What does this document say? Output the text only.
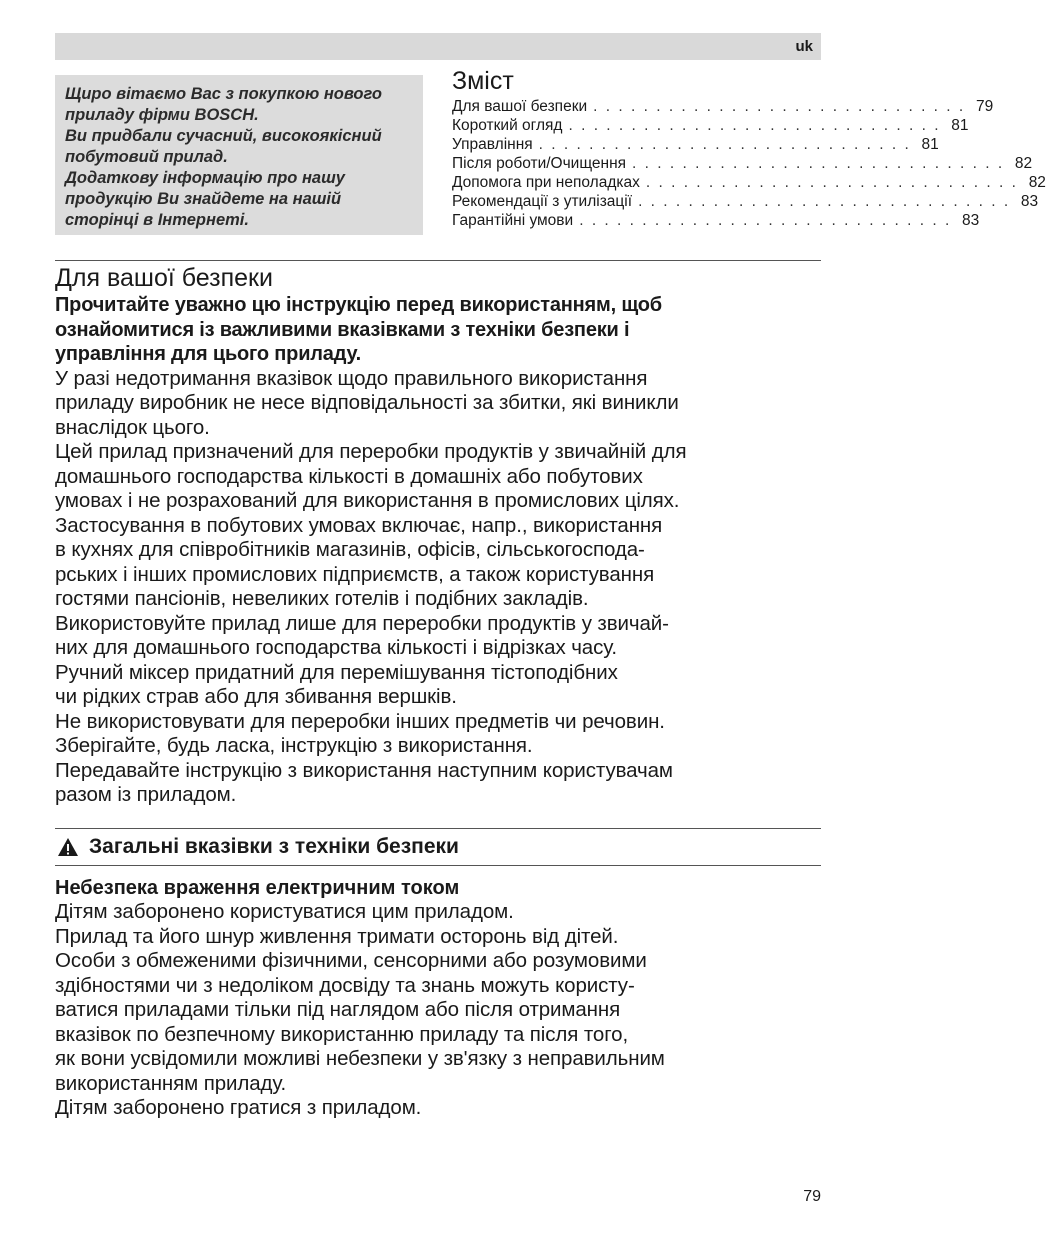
uk

Щиро вітаємо Вас з покупкою нового

приладу фірми BOSCH.

Ви придбали сучасний, високоякісний

побутовий прилад.

Додаткову інформацію про нашу

продукцію Ви знайдете на нашій

сторінці в Інтернеті.

Зміст
Для вашої безпеки . . . . . . . . . . . . . . . . . . . . . . . . . . . . . . 79
Короткий огляд . . . . . . . . . . . . . . . . . . . . . . . . . . . . . . 81
Управління . . . . . . . . . . . . . . . . . . . . . . . . . . . . . . 81
Після роботи/Очищення . . . . . . . . . . . . . . . . . . . . . . . . . . . . . . 82
Допомога при неполадках . . . . . . . . . . . . . . . . . . . . . . . . . . . . . . 82
Рекомендації з утилізації . . . . . . . . . . . . . . . . . . . . . . . . . . . . . . 83
Гарантійні умови . . . . . . . . . . . . . . . . . . . . . . . . . . . . . . 83
Для вашої безпеки

Прочитайте уважно цю інструкцію перед використанням, щоб

ознайомитися із важливими вказівками з техніки безпеки і

управління для цього приладу.

У разі недотримання вказівок щодо правильного використання

приладу виробник не несе відповідальності за збитки, які виникли

внаслідок цього.

Цей прилад призначений для переробки продуктів у звичайній для

домашнього господарства кількості в домашніх або побутових

умовах і не розрахований для використання в промислових цілях.

Застосування в побутових умовах включає, напр., використання

в кухнях для співробітників магазинів, офісів, сільськогоспода-

рських і інших промислових підприємств, а також користування

гостями пансіонів, невеликих готелів і подібних закладів.

Використовуйте прилад лише для переробки продуктів у звичай-

них для домашнього господарства кількості і відрізках часу.

Ручний міксер придатний для перемішування тістоподібних

чи рідких страв або для збивання вершків.

Не використовувати для переробки інших предметів чи речовин.

Зберігайте, будь ласка, інструкцію з використання.

Передавайте інструкцію з використання наступним користувачам

разом із приладом.

Загальні вказівки з техніки безпеки

Небезпека враження електричним током

Дітям заборонено користуватися цим приладом.

Прилад та його шнур живлення тримати осторонь від дітей.

Особи з обмеженими фізичними, сенсорними або розумовими

здібностями чи з недоліком досвіду та знань можуть користу-

ватися приладами тільки під наглядом або після отримання

вказівок по безпечному використанню приладу та після того,

як вони усвідомили можливі небезпеки у зв'язку з неправильним

використанням приладу.

Дітям заборонено гратися з приладом.

79
